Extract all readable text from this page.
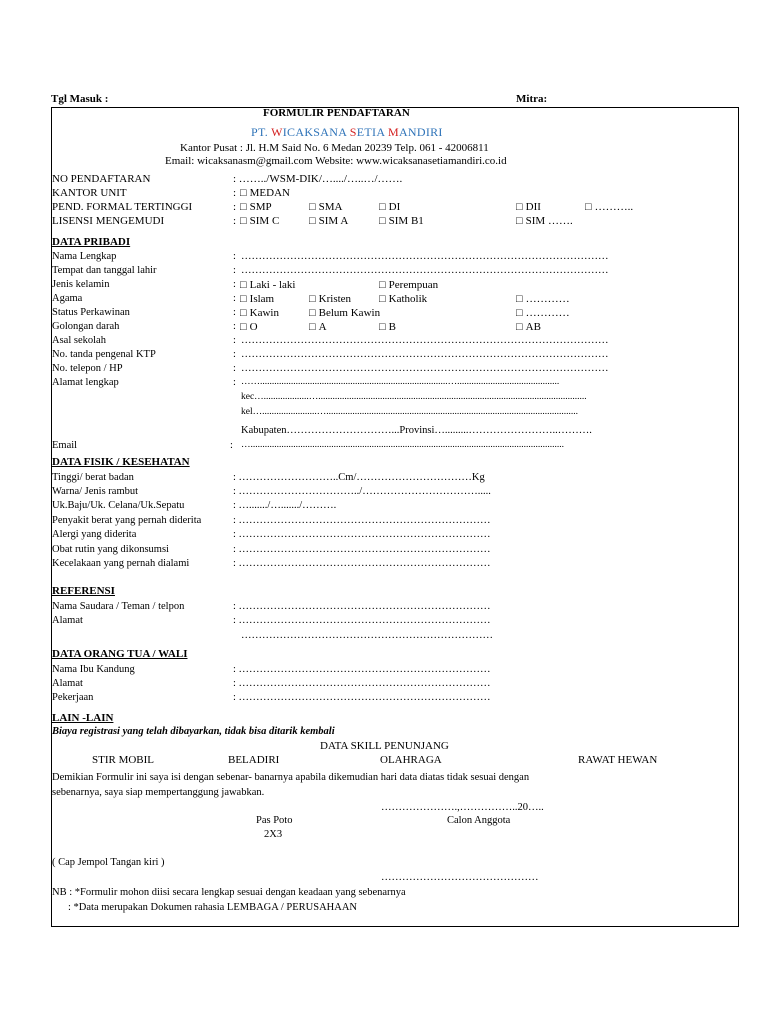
Tgl Masuk :	Mitra:
FORMULIR PENDAFTARAN
PT. WICAKSANA SETIA MANDIRI
Kantor Pusat : Jl. H.M Said No. 6 Medan 20239 Telp. 061 - 42006811
Email: wicaksanasm@gmail.com Website: www.wicaksanasetiamandiri.co.id
NO PENDAFTARAN	: ……../WSM-DIK/…..../…..…/…….
KANTOR UNIT	:	□ MEDAN
PEND. FORMAL TERTINGGI	:	□ SMP	□ SMA	□ DI	□ DII	□ ………..
LISENSI MENGEMUDI	:	□ SIM C	□ SIM A	□ SIM B1	□ SIM …….
DATA PRIBADI
Nama Lengkap	: ……………………………………………………………………………………………
Tempat dan tanggal lahir	: ……………………………………………………………………………………………
Jenis kelamin	:	□ Laki - laki	□ Perempuan
Agama	:	□ Islam	□ Kristen	□ Katholik	□ …………
Status Perkawinan	:	□ Kawin	□ Belum Kawin	□ …………
Golongan darah	:	□ O	□ A	□ B	□ AB
Asal sekolah	: ……………………………………………………………………………………………
No. tanda pengenal KTP	: ……………………………………………………………………………………………
No. telepon / HP	: ……………………………………………………………………………………………
Alamat lengkap	: ……...............................................................................…...........................................
kec…...................….................................................................................................................
kel….......................…..........................................................................................................
Kabupaten…………………………...Provinsi….........……………………..……….
Email	: …....................................................................................................................................
DATA FISIK / KESEHATAN
Tinggi/ berat badan	: ………………………..Cm/……………………………Kg
Warna/ Jenis rambut	: ……………………………../…………………………….....
Uk.Baju/Uk. Celana/Uk.Sepatu	: …......./…......./……….
Penyakit berat yang pernah diderita	: ………………………………………………………………
Alergi yang diderita	: ………………………………………………………………
Obat rutin yang dikonsumsi	: ………………………………………………………………
Kecelakaan yang pernah dialami	: ………………………………………………………………
REFERENSI
Nama Saudara / Teman / telpon	: ………………………………………………………………
Alamat	: ………………………………………………………………
………………………………………………………………
DATA ORANG TUA / WALI
Nama Ibu Kandung	: ………………………………………………………………
Alamat	: ………………………………………………………………
Pekerjaan	: ………………………………………………………………
LAIN -LAIN
Biaya registrasi yang telah dibayarkan, tidak bisa ditarik kembali
DATA SKILL PENUNJANG
STIR MOBIL	BELADIRI	OLAHRAGA	RAWAT HEWAN
Demikian Formulir ini saya isi dengan sebenar- banarnya apabila dikemudian hari data diatas tidak sesuai dengan
sebenarnya, saya siap mempertanggung jawabkan.
………………….,……………..20…..
Pas Poto	Calon Anggota
2X3
( Cap Jempol Tangan kiri )
………………………………………
NB : *Formulir mohon diisi secara lengkap sesuai dengan keadaan yang sebenarnya
: *Data merupakan Dokumen rahasia LEMBAGA / PERUSAHAAN
